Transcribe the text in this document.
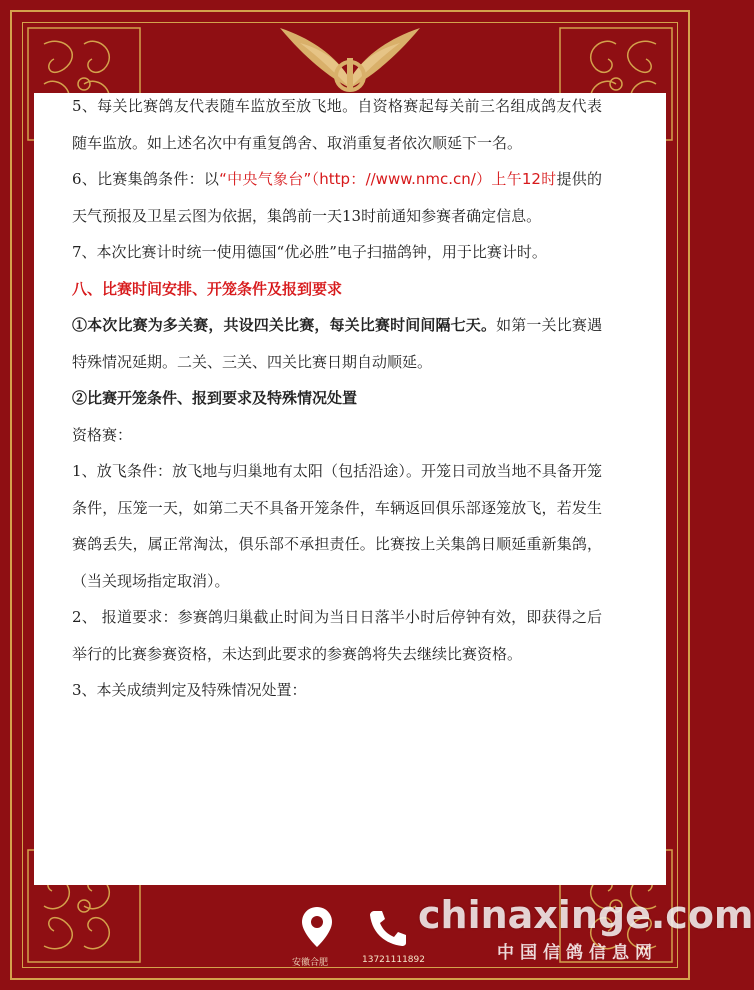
5、每关比赛鸽友代表随车监放至放飞地。自资格赛起每关前三名组成鸽友代表随车监放。如上述名次中有重复鸽舍、取消重复者依次顺延下一名。

6、比赛集鸽条件：以“中央气象台”（http：//www.nmc.cn/）上午12时提供的天气预报及卫星云图为依据，集鸽前一天13时前通知参赛者确定信息。

7、本次比赛计时统一使用德国“优必胜”电子扫描鸽钟，用于比赛计时。

八、比赛时间安排、开笼条件及报到要求

①本次比赛为多关赛，共设四关比赛，每关比赛时间间隔七天。如第一关比赛遇特殊情况延期。二关、三关、四关比赛日期自动顺延。

②比赛开笼条件、报到要求及特殊情况处置

资格赛：

1、放飞条件：放飞地与归巢地有太阳（包括沿途）。开笼日司放当地不具备开笼条件，压笼一天，如第二天不具备开笼条件，车辆返回俱乐部逐笼放飞，若发生赛鸽丢失，属正常淘汰，俱乐部不承担责任。比赛按上关集鸽日顺延重新集鸽，（当关现场指定取消）。

2、 报道要求：参赛鸽归巢截止时间为当日日落半小时后停钟有效，即获得之后举行的比赛参赛资格，未达到此要求的参赛鸽将失去继续比赛资格。

3、本关成绩判定及特殊情况处置：

安徽合肥	13721111892
chinaxinge.com
中国信鸽信息网
